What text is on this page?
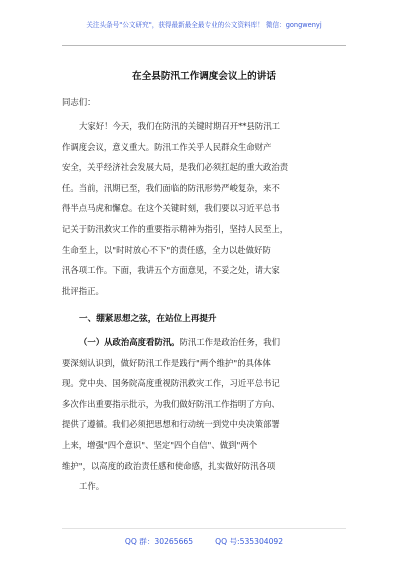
关注头条号"公文研究"，获得最新最全最专业的公文资料库！ 微信：gongwenyj
在全县防汛工作调度会议上的讲话
同志们：
大家好！今天，我们在防汛的关键时期召开**县防汛工
作调度会议，意义重大。防汛工作关乎人民群众生命财产
安全，关乎经济社会发展大局，是我们必须扛起的重大政治责
任。当前，汛期已至，我们面临的防汛形势严峻复杂，来不
得半点马虎和懈怠。在这个关键时刻，我们要以习近平总书
记关于防汛救灾工作的重要指示精神为指引，坚持人民至上，
生命至上，以"时时放心不下"的责任感，全力以赴做好防
汛各项工作。下面，我讲五个方面意见，不妥之处，请大家
批评指正。
一、绷紧思想之弦，在站位上再提升
（一）从政治高度看防汛。防汛工作是政治任务，我们
要深刻认识到，做好防汛工作是践行"两个维护"的具体体
现。党中央、国务院高度重视防汛救灾工作，习近平总书记
多次作出重要指示批示，为我们做好防汛工作指明了方向、
提供了遵循。我们必须把思想和行动统一到党中央决策部署
上来，增强"四个意识"、坚定"四个自信"、做到"两个
维护"，以高度的政治责任感和使命感，扎实做好防汛各项
工作。
QQ 群：30265665	QQ 号:535304092
